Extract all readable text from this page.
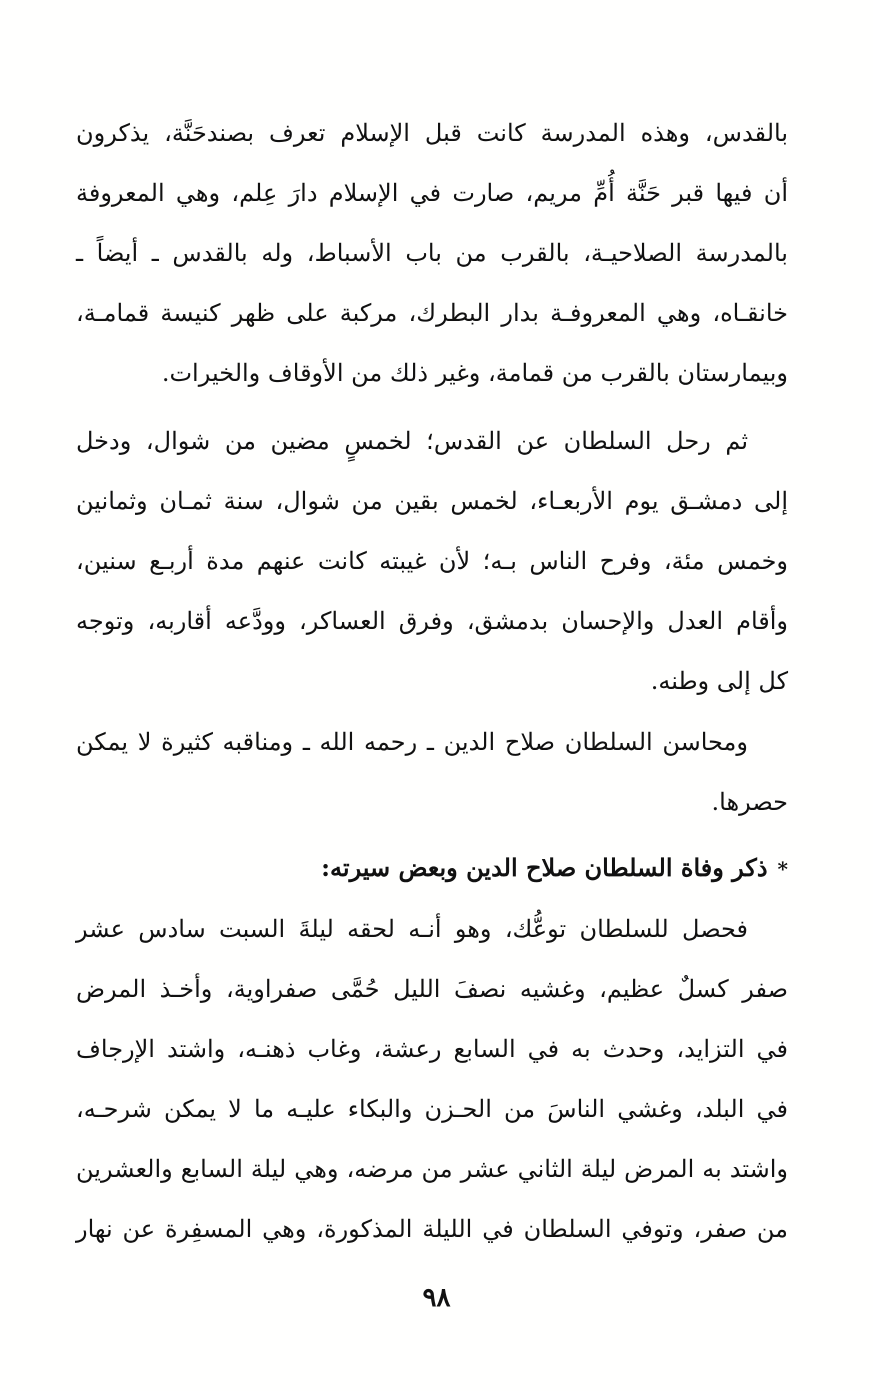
بالقدس، وهذه المدرسة كانت قبل الإسلام تعرف بصندحَنَّة، يذكرون
أن فيها قبر حَنَّة أُمِّ مريم، صارت في الإسلام دارَ عِلم، وهي المعروفة
بالمدرسة الصلاحيـة، بالقرب من باب الأسباط، وله بالقدس ـ أيضاً ـ
خانقـاه، وهي المعروفـة بدار البطرك، مركبة على ظهر كنيسة قمامـة،
وبيمارستان بالقرب من قمامة، وغير ذلك من الأوقاف والخيرات.
ثم رحل السلطان عن القدس؛ لخمسٍ مضين من شوال، ودخل
إلى دمشـق يوم الأربعـاء، لخمس بقين من شوال، سنة ثمـان وثمانين
وخمس مئة، وفرح الناس بـه؛ لأن غيبته كانت عنهم مدة أربـع سنين،
وأقام العدل والإحسان بدمشق، وفرق العساكر، وودَّعه أقاربه، وتوجه
كل إلى وطنه.
ومحاسن السلطان صلاح الدين ـ رحمه الله ـ ومناقبه كثيرة لا يمكن
حصرها.
*ذكر وفاة السلطان صلاح الدين وبعض سيرته:
فحصل للسلطان توعُّك، وهو أنـه لحقه ليلةَ السبت سادس عشر
صفر كسلٌ عظيم، وغشيه نصفَ الليل حُمَّى صفراوية، وأخـذ المرض
في التزايد، وحدث به في السابع رعشة، وغاب ذهنـه، واشتد الإرجاف
في البلد، وغشي الناسَ من الحـزن والبكاء عليـه ما لا يمكن شرحـه،
واشتد به المرض ليلة الثاني عشر من مرضه، وهي ليلة السابع والعشرين
من صفر، وتوفي السلطان في الليلة المذكورة، وهي المسفِرة عن نهار
٩٨
